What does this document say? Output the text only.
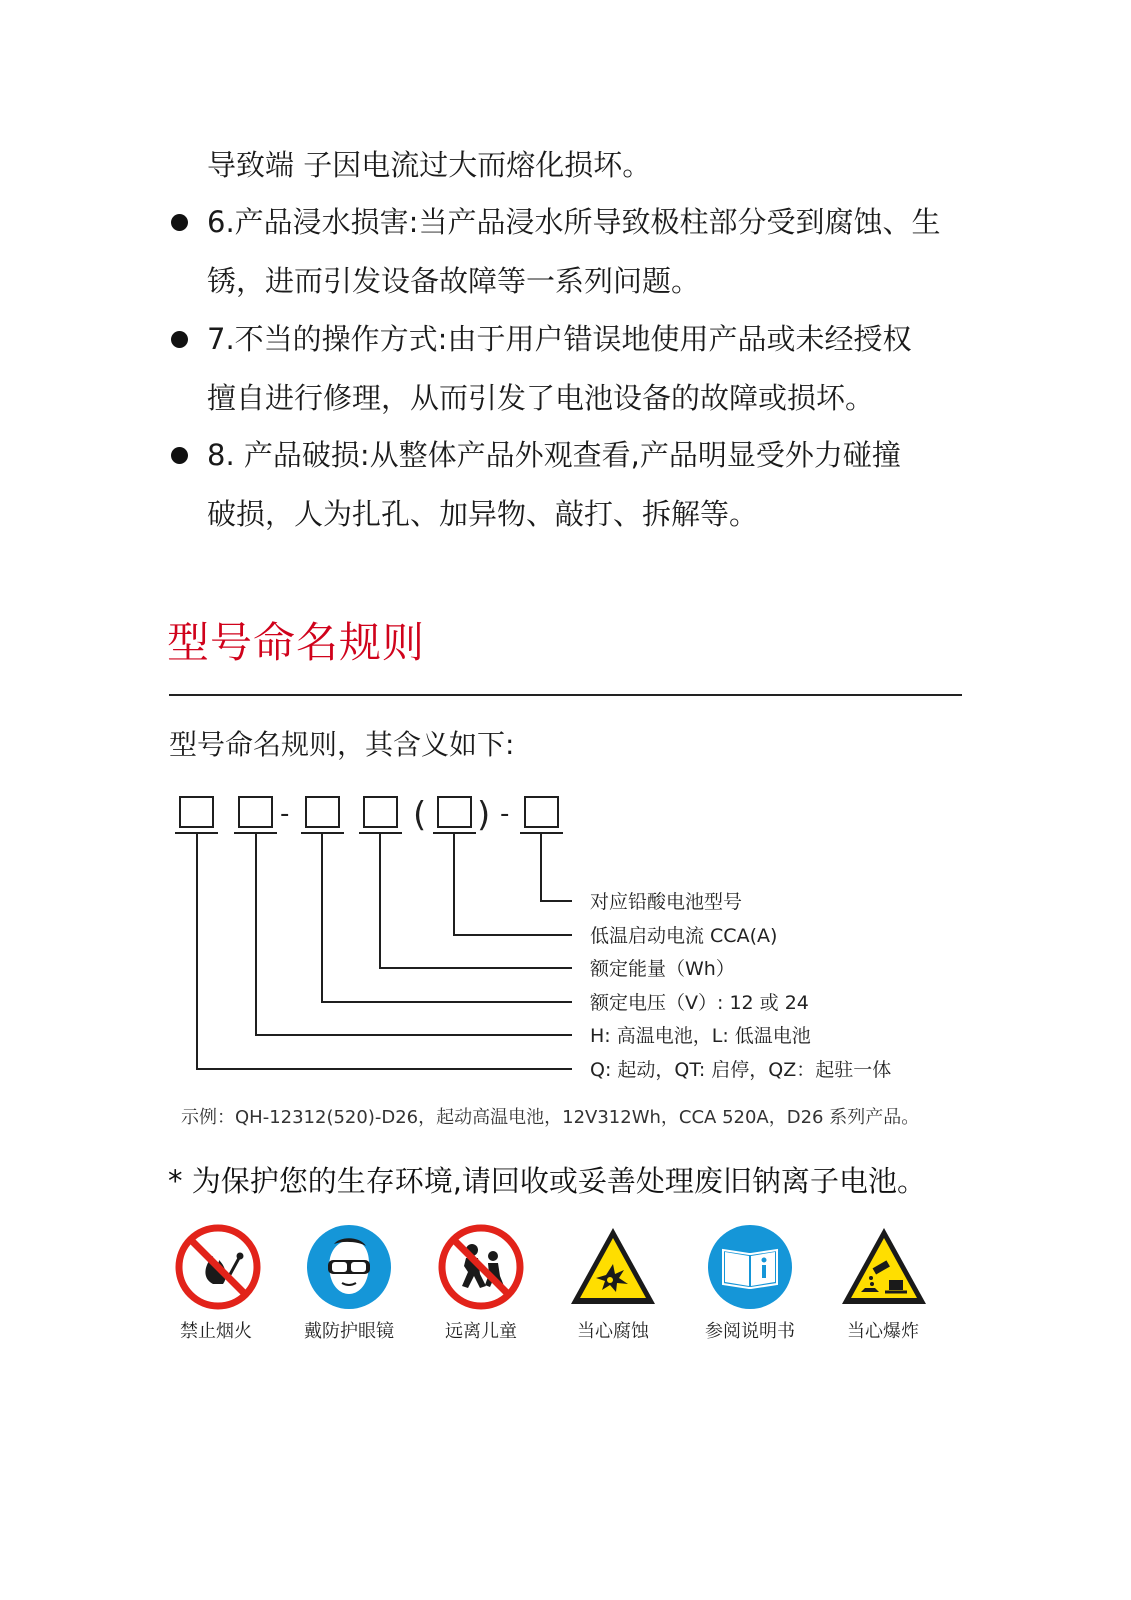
导致端 子因电流过大而熔化损坏。
6.产品浸水损害:当产品浸水所导致极柱部分受到腐蚀、生
锈，进而引发设备故障等一系列问题。
7.不当的操作方式:由于用户错误地使用产品或未经授权
擅自进行修理，从而引发了电池设备的故障或损坏。
8. 产品破损:从整体产品外观查看,产品明显受外力碰撞
破损，人为扎孔、加异物、敲打、拆解等。
型号命名规则
型号命名规则，其含义如下:
-	( ) -
对应铅酸电池型号
低温启动电流 CCA(A)
额定能量（Wh）
额定电压（V）: 12 或 24
H: 高温电池，L: 低温电池
Q: 起动，QT: 启停，QZ：起驻一体
示例：QH-12312(520)-D26，起动高温电池，12V312Wh，CCA 520A，D26 系列产品。
* 为保护您的生存环境,请回收或妥善处理废旧钠离子电池。
禁止烟火	戴防护眼镜	远离儿童	当心腐蚀	参阅说明书	当心爆炸
